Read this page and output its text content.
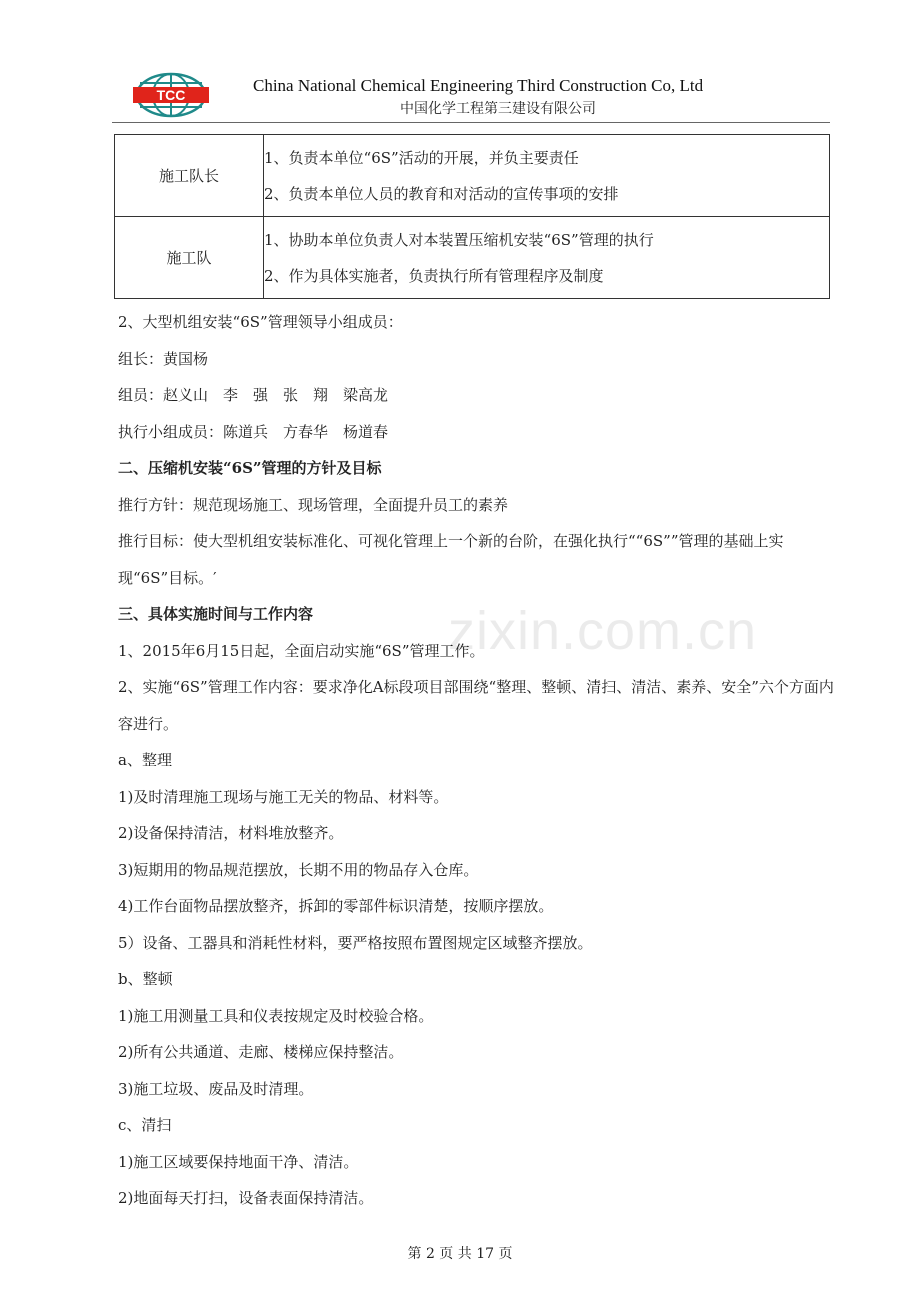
TCC	China National Chemical Engineering Third Construction Co, Ltd
中国化学工程第三建设有限公司
施工队长	1、负责本单位“6S”活动的开展，并负主要责任
2、负责本单位人员的教育和对活动的宣传事项的安排

施工队	1、协助本单位负责人对本装置压缩机安装“6S”管理的执行
2、作为具体实施者，负责执行所有管理程序及制度
2、大型机组安装“6S”管理领导小组成员：
组长：黄国杨
组员：赵义山　李　强　张　翔　梁高龙
执行小组成员：陈道兵　方春华　杨道春
二、压缩机安装“6S”管理的方针及目标
推行方针：规范现场施工、现场管理，全面提升员工的素养
推行目标：使大型机组安装标准化、可视化管理上一个新的台阶，在强化执行““6S””管理的基础上实现“6S”目标。′
三、具体实施时间与工作内容
1、2015年6月15日起，全面启动实施“6S”管理工作。
2、实施“6S”管理工作内容：要求净化A标段项目部围绕“整理、整顿、清扫、清洁、素养、安全”六个方面内容进行。
a、整理
1)及时清理施工现场与施工无关的物品、材料等。
2)设备保持清洁，材料堆放整齐。
3)短期用的物品规范摆放，长期不用的物品存入仓库。
4)工作台面物品摆放整齐，拆卸的零部件标识清楚，按顺序摆放。
5）设备、工器具和消耗性材料，要严格按照布置图规定区域整齐摆放。
b、整顿
1)施工用测量工具和仪表按规定及时校验合格。
2)所有公共通道、走廊、楼梯应保持整洁。
3)施工垃圾、废品及时清理。
c、清扫
1)施工区域要保持地面干净、清洁。
2)地面每天打扫，设备表面保持清洁。
zixin.com.cn
第 2 页 共 17 页
